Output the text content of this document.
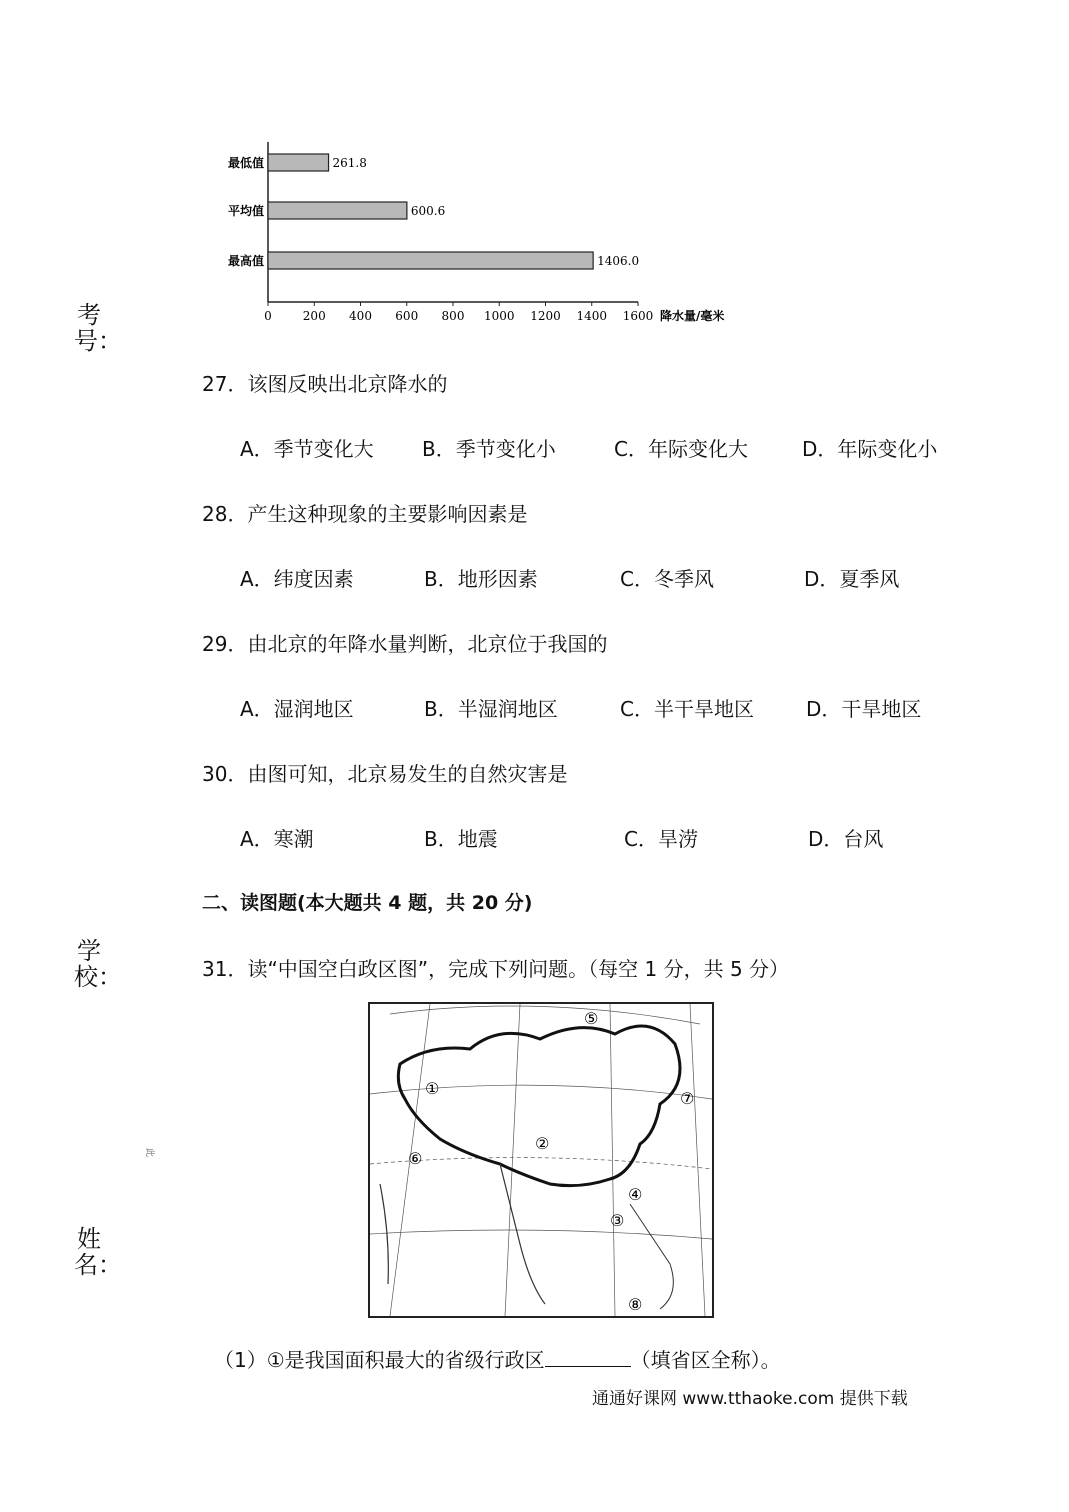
考号：
学校：
姓名：
此
最低值	261.8
平均值	600.6
最高值	1406.0
0	200 400 600 800 1000 1200 1400 1600 降水量/毫米
27．该图反映出北京降水的
A．季节变化大 B．季节变化小	C．年际变化大	D．年际变化小
28．产生这种现象的主要影响因素是
A．纬度因素	B．地形因素	C．冬季风	D．夏季风
29．由北京的年降水量判断，北京位于我国的
A．湿润地区	B．半湿润地区	C．半干旱地区	D．干旱地区
30．由图可知，北京易发生的自然灾害是
A．寒潮	B．地震	C．旱涝	D．台风
二、读图题(本大题共 4 题，共 20 分)
31．读“中国空白政区图”，完成下列问题。（每空 1 分，共 5 分）
①
②
③
④
⑤
⑥
⑦
⑧
（1）①是我国面积最大的省级行政区	（填省区全称）。
通通好课网 www.tthaoke.com 提供下载
